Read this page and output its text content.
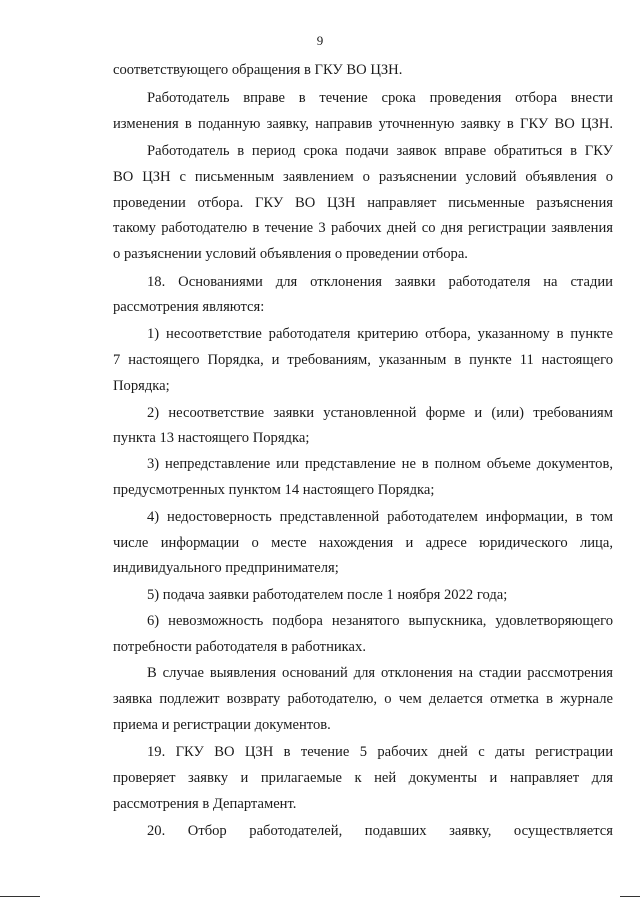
9
соответствующего обращения в ГКУ ВО ЦЗН.
Работодатель вправе в течение срока проведения отбора внести
изменения в поданную заявку, направив уточненную заявку в ГКУ ВО ЦЗН.
Работодатель в период срока подачи заявок вправе обратиться в ГКУ
ВО ЦЗН с письменным заявлением о разъяснении условий объявления о
проведении отбора. ГКУ ВО ЦЗН направляет письменные разъяснения
такому работодателю в течение 3 рабочих дней со дня регистрации заявления
о разъяснении условий объявления о проведении отбора.
18. Основаниями для отклонения заявки работодателя на стадии
рассмотрения являются:
1) несоответствие работодателя критерию отбора, указанному в пункте
7 настоящего Порядка, и требованиям, указанным в пункте 11 настоящего
Порядка;
2) несоответствие заявки установленной форме и (или) требованиям
пункта 13 настоящего Порядка;
3) непредставление или представление не в полном объеме документов,
предусмотренных пунктом 14 настоящего Порядка;
4) недостоверность представленной работодателем информации, в том
числе информации о месте нахождения и адресе юридического лица,
индивидуального предпринимателя;
5) подача заявки работодателем после 1 ноября 2022 года;
6) невозможность подбора незанятого выпускника, удовлетворяющего
потребности работодателя в работниках.
В случае выявления оснований для отклонения на стадии рассмотрения
заявка подлежит возврату работодателю, о чем делается отметка в журнале
приема и регистрации документов.
19. ГКУ ВО ЦЗН в течение 5 рабочих дней с даты регистрации
проверяет заявку и прилагаемые к ней документы и направляет для
рассмотрения в Департамент.
20. Отбор работодателей, подавших заявку, осуществляется
